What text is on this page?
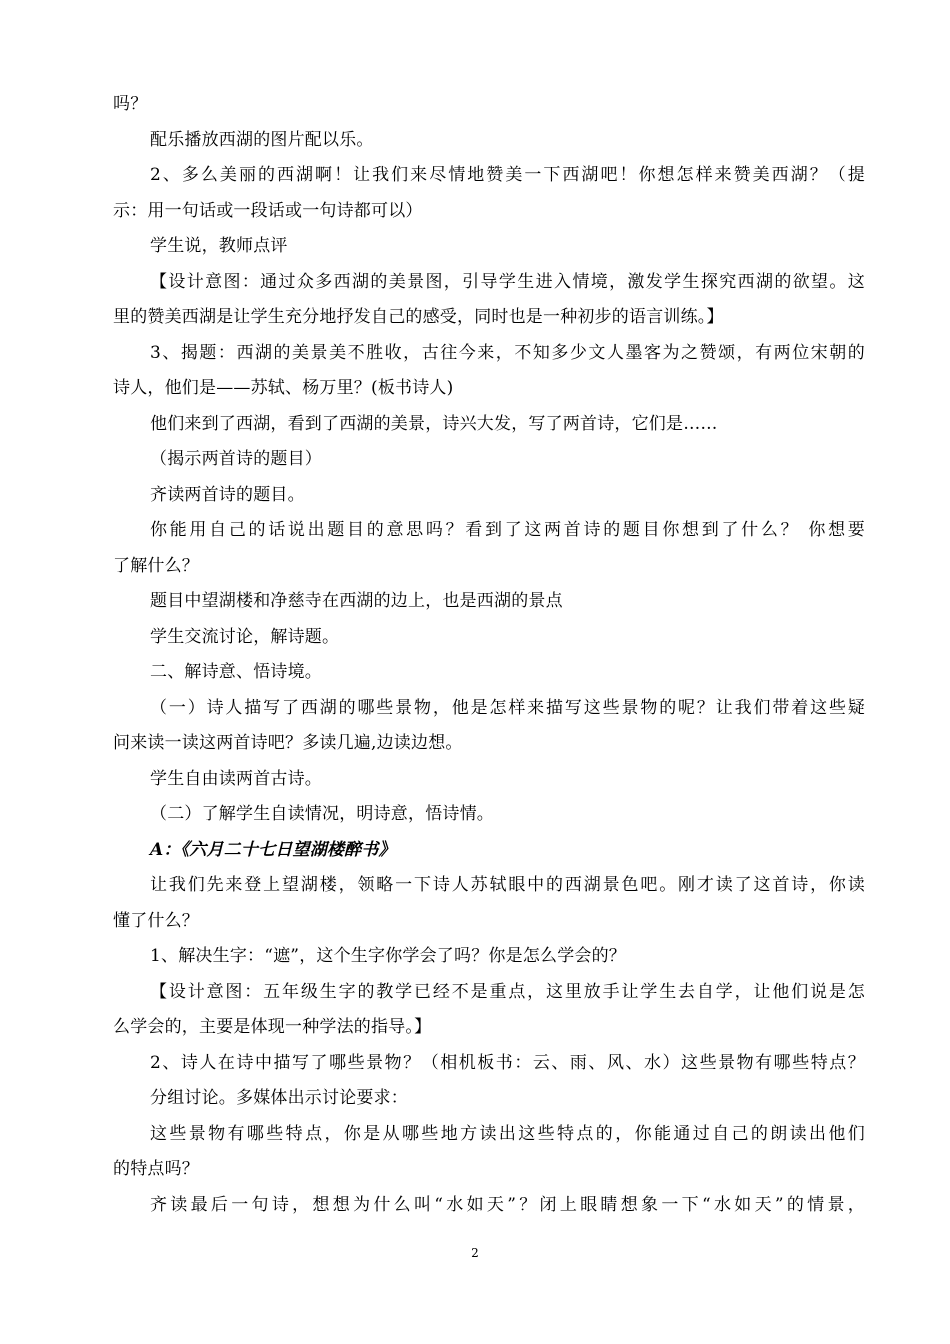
吗？
配乐播放西湖的图片配以乐。
2、多么美丽的西湖啊！让我们来尽情地赞美一下西湖吧！你想怎样来赞美西湖？（提
示：用一句话或一段话或一句诗都可以）
学生说，教师点评
【设计意图：通过众多西湖的美景图，引导学生进入情境，激发学生探究西湖的欲望。这
里的赞美西湖是让学生充分地抒发自己的感受，同时也是一种初步的语言训练。】
3、揭题：西湖的美景美不胜收，古往今来，不知多少文人墨客为之赞颂，有两位宋朝的
诗人，他们是——苏轼、杨万里？(板书诗人)
他们来到了西湖，看到了西湖的美景，诗兴大发，写了两首诗，它们是……
（揭示两首诗的题目）
齐读两首诗的题目。
你能用自己的话说出题目的意思吗？看到了这两首诗的题目你想到了什么？ 你想要
了解什么？
题目中望湖楼和净慈寺在西湖的边上，也是西湖的景点
学生交流讨论，解诗题。
二、解诗意、悟诗境。
（一）诗人描写了西湖的哪些景物，他是怎样来描写这些景物的呢？让我们带着这些疑
问来读一读这两首诗吧？多读几遍,边读边想。
学生自由读两首古诗。
（二）了解学生自读情况，明诗意，悟诗情。
A：《六月二十七日望湖楼醉书》
让我们先来登上望湖楼，领略一下诗人苏轼眼中的西湖景色吧。刚才读了这首诗，你读
懂了什么？
1、解决生字：“遮”，这个生字你学会了吗？你是怎么学会的？
【设计意图：五年级生字的教学已经不是重点，这里放手让学生去自学，让他们说是怎
么学会的，主要是体现一种学法的指导。】
2、诗人在诗中描写了哪些景物？（相机板书：云、雨、风、水）这些景物有哪些特点？
分组讨论。多媒体出示讨论要求：
这些景物有哪些特点，你是从哪些地方读出这些特点的，你能通过自己的朗读出他们
的特点吗？
齐读最后一句诗，想想为什么叫“水如天”？闭上眼睛想象一下“水如天”的情景，
2
